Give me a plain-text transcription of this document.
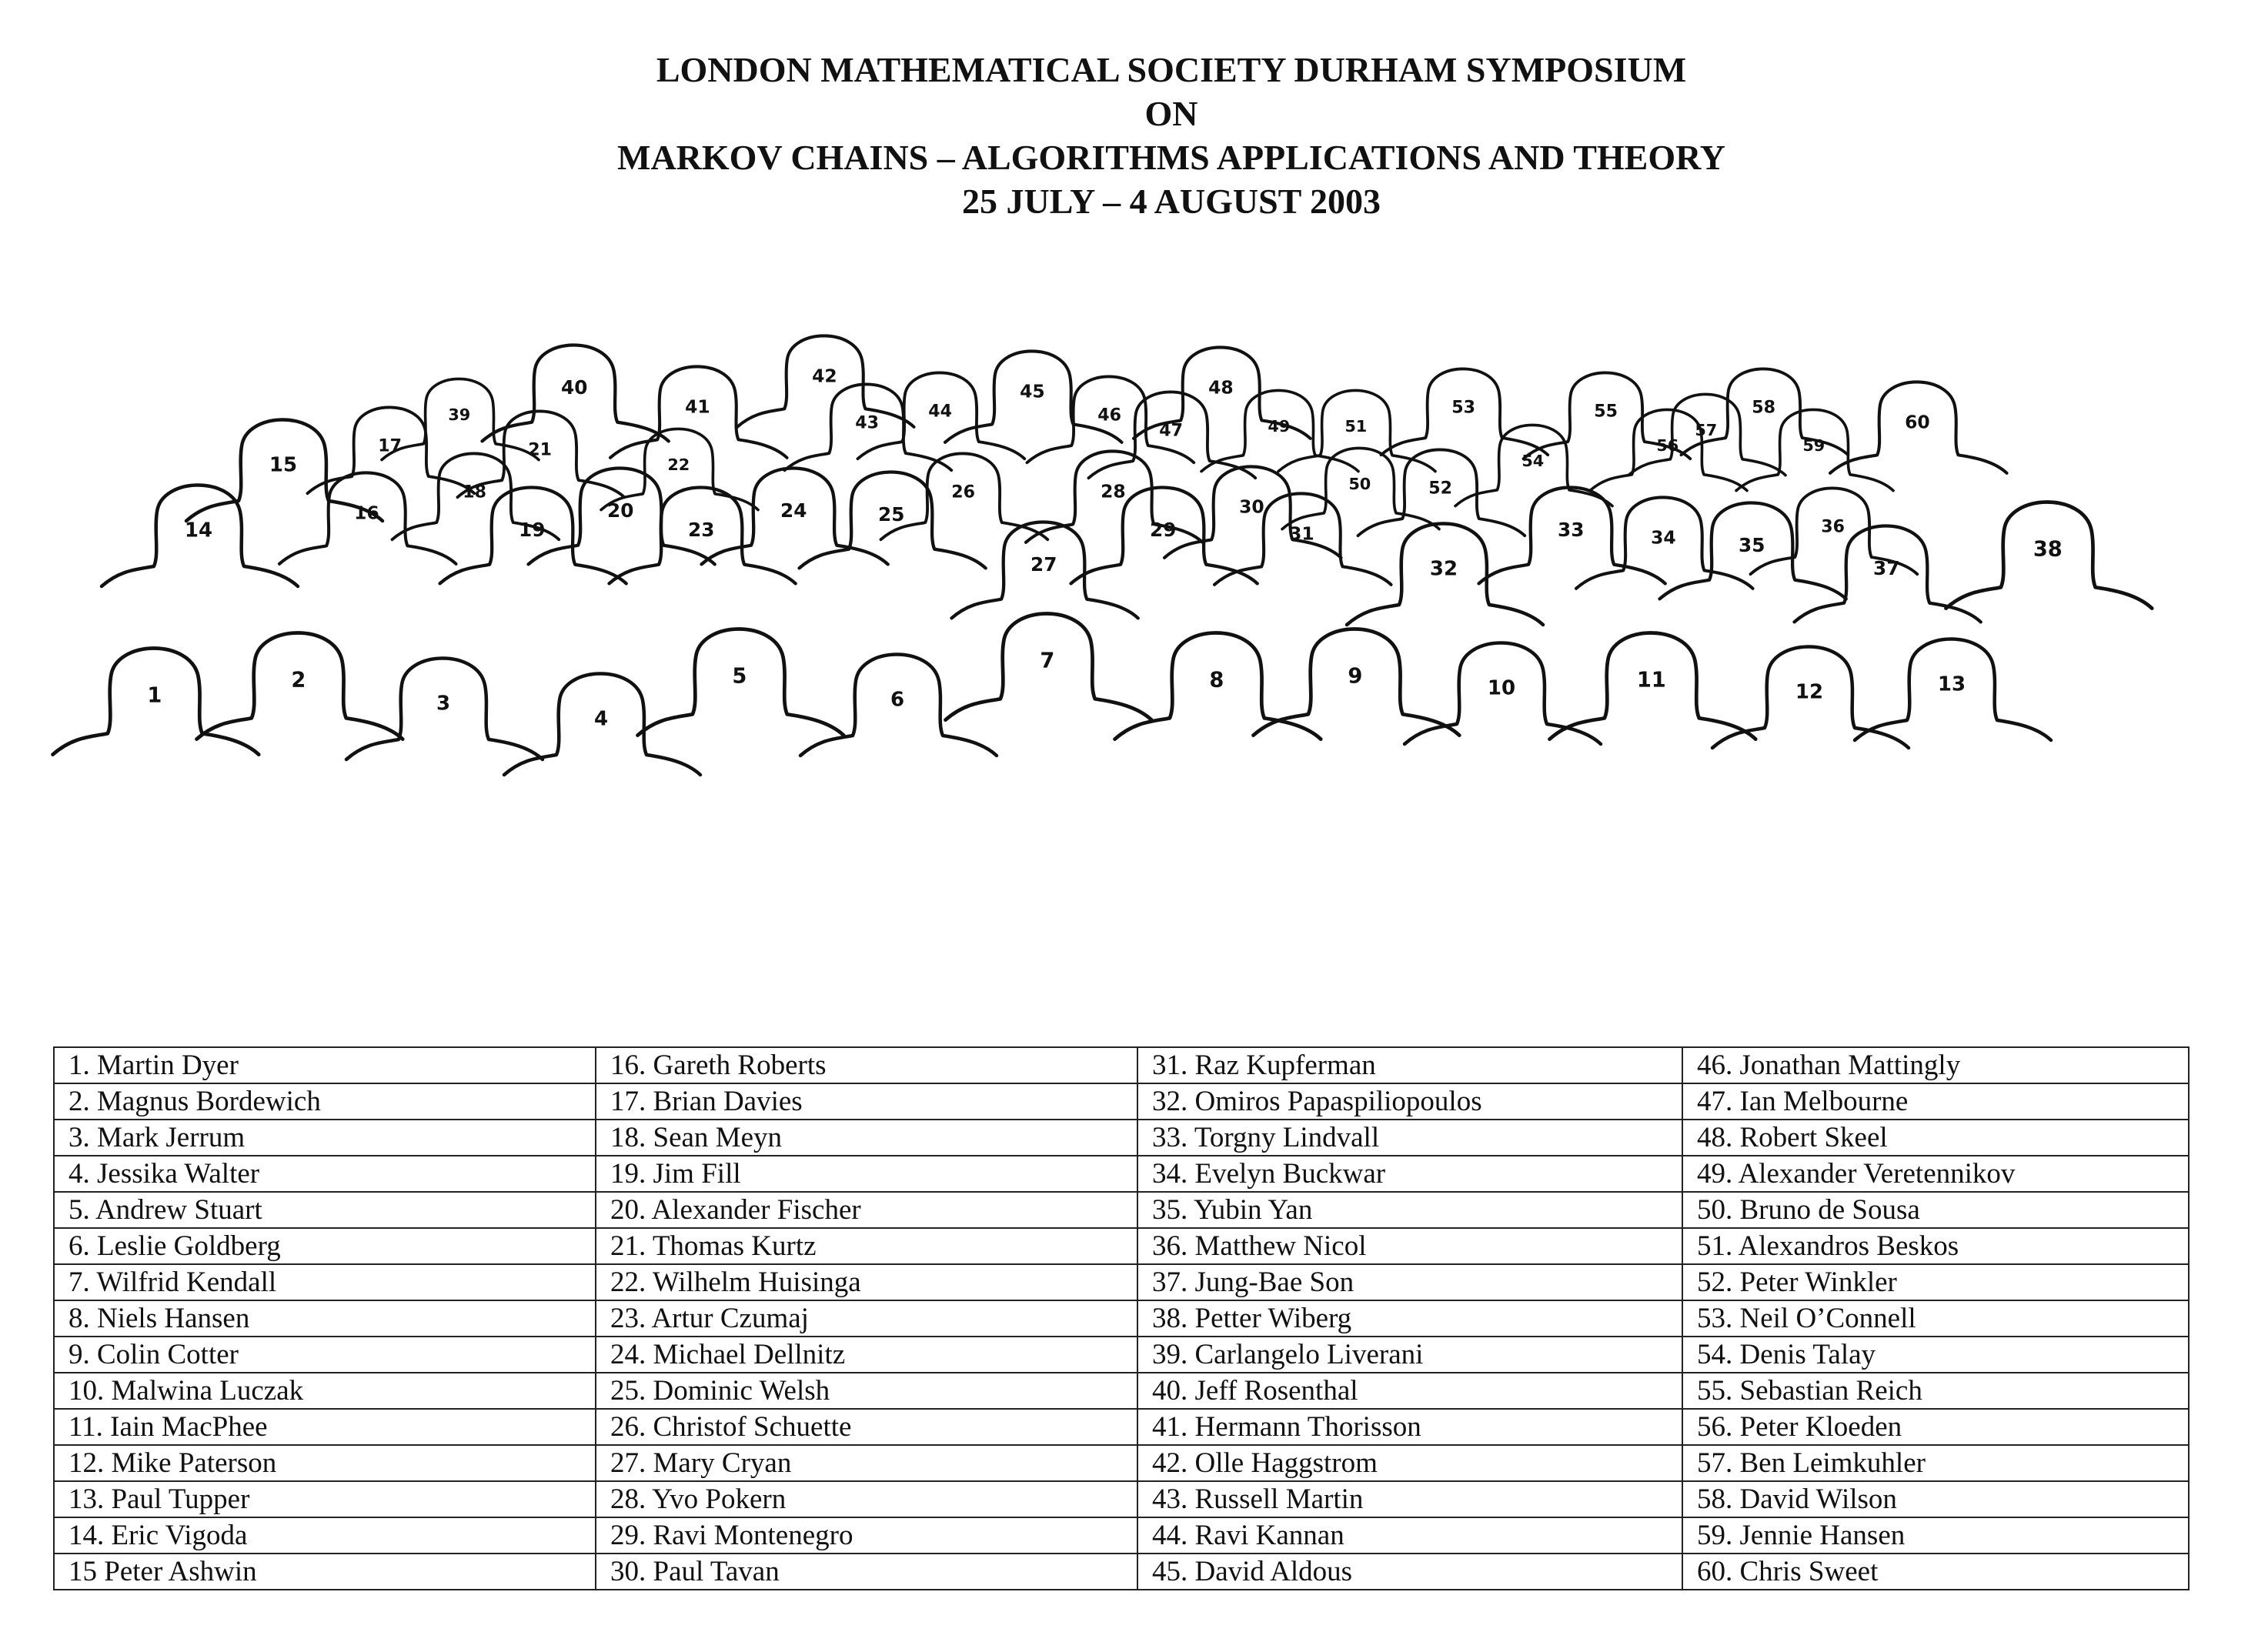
LONDON MATHEMATICAL SOCIETY DURHAM SYMPOSIUM
ON
MARKOV CHAINS – ALGORITHMS APPLICATIONS AND THEORY
25 JULY – 4 AUGUST 2003
1
2
3
4
5
6
7
8	9	10	11	12	13
14
15
16
17
18
19
20
21
22
23
24	25
26
27
28
29
30
31
32
33	34	35
36
37
38
39
40
41
42
43
44
45
46
47
48
49
50
51
52
53
54
55
56
57
58
59
60
1. Martin Dyer	16. Gareth Roberts	31. Raz Kupferman	46. Jonathan Mattingly
2. Magnus Bordewich	17. Brian Davies	32. Omiros Papaspiliopoulos	47. Ian Melbourne
3. Mark Jerrum	18. Sean Meyn	33. Torgny Lindvall	48. Robert Skeel
4. Jessika Walter	19. Jim Fill	34. Evelyn Buckwar	49. Alexander Veretennikov
5. Andrew Stuart	20. Alexander Fischer	35. Yubin Yan	50. Bruno de Sousa
6. Leslie Goldberg	21. Thomas Kurtz	36. Matthew Nicol	51. Alexandros Beskos
7. Wilfrid Kendall	22. Wilhelm Huisinga	37. Jung-Bae Son	52. Peter Winkler
8. Niels Hansen	23. Artur Czumaj	38. Petter Wiberg	53. Neil O’Connell
9. Colin Cotter	24. Michael Dellnitz	39. Carlangelo Liverani	54. Denis Talay
10. Malwina Luczak	25. Dominic Welsh	40. Jeff Rosenthal	55. Sebastian Reich
11. Iain MacPhee	26. Christof Schuette	41. Hermann Thorisson	56. Peter Kloeden
12. Mike Paterson	27. Mary Cryan	42. Olle Haggstrom	57. Ben Leimkuhler
13. Paul Tupper	28. Yvo Pokern	43. Russell Martin	58. David Wilson
14. Eric Vigoda	29. Ravi Montenegro	44. Ravi Kannan	59. Jennie Hansen
15 Peter Ashwin	30. Paul Tavan	45. David Aldous	60. Chris Sweet
